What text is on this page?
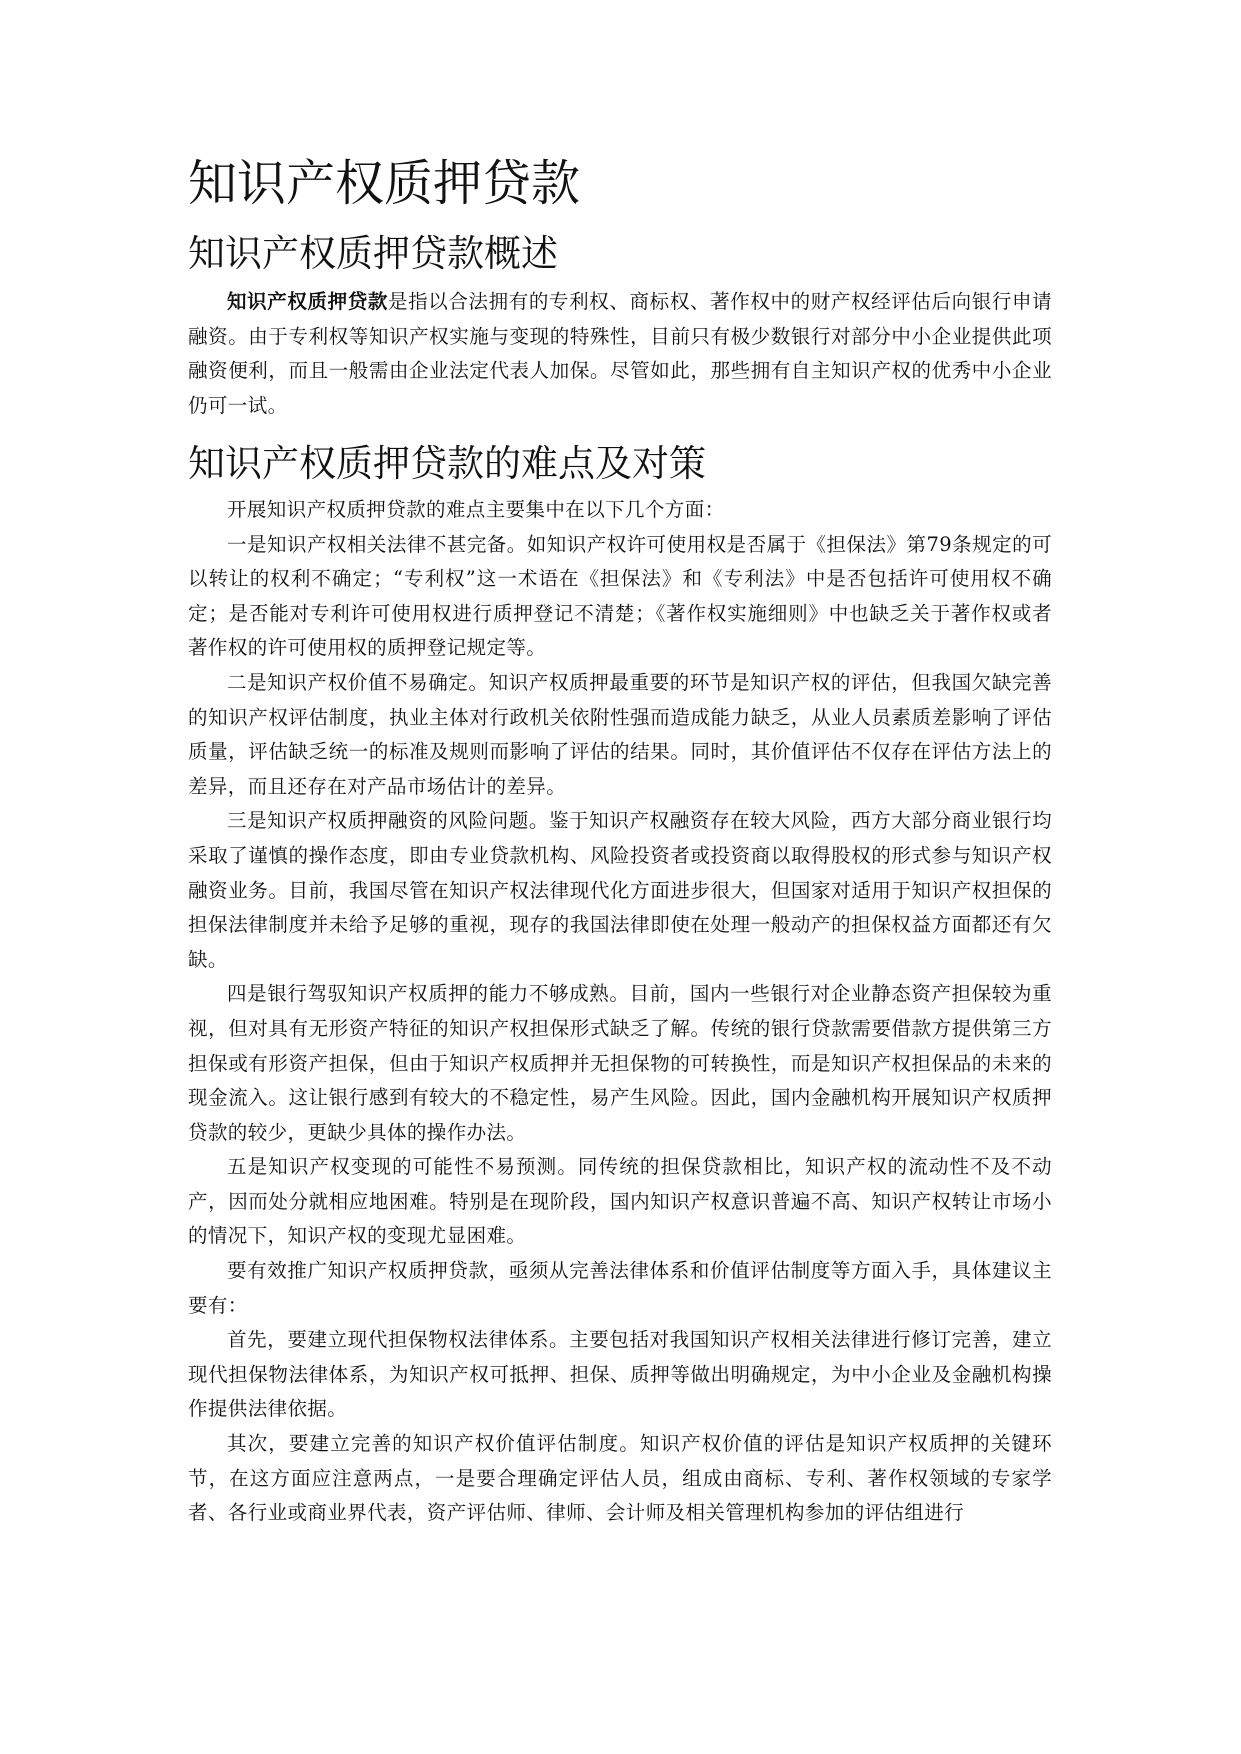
知识产权质押贷款
知识产权质押贷款概述

知识产权质押贷款是指以合法拥有的专利权、商标权、著作权中的财产权经评估后向银行申请融资。由于专利权等知识产权实施与变现的特殊性，目前只有极少数银行对部分中小企业提供此项融资便利，而且一般需由企业法定代表人加保。尽管如此，那些拥有自主知识产权的优秀中小企业仍可一试。

知识产权质押贷款的难点及对策

开展知识产权质押贷款的难点主要集中在以下几个方面：

一是知识产权相关法律不甚完备。如知识产权许可使用权是否属于《担保法》第79条规定的可以转让的权利不确定；“专利权”这一术语在《担保法》和《专利法》中是否包括许可使用权不确定；是否能对专利许可使用权进行质押登记不清楚；《著作权实施细则》中也缺乏关于著作权或者著作权的许可使用权的质押登记规定等。

二是知识产权价值不易确定。知识产权质押最重要的环节是知识产权的评估，但我国欠缺完善的知识产权评估制度，执业主体对行政机关依附性强而造成能力缺乏，从业人员素质差影响了评估质量，评估缺乏统一的标准及规则而影响了评估的结果。同时，其价值评估不仅存在评估方法上的差异，而且还存在对产品市场估计的差异。

三是知识产权质押融资的风险问题。鉴于知识产权融资存在较大风险，西方大部分商业银行均采取了谨慎的操作态度，即由专业贷款机构、风险投资者或投资商以取得股权的形式参与知识产权融资业务。目前，我国尽管在知识产权法律现代化方面进步很大，但国家对适用于知识产权担保的担保法律制度并未给予足够的重视，现存的我国法律即使在处理一般动产的担保权益方面都还有欠缺。

四是银行驾驭知识产权质押的能力不够成熟。目前，国内一些银行对企业静态资产担保较为重视，但对具有无形资产特征的知识产权担保形式缺乏了解。传统的银行贷款需要借款方提供第三方担保或有形资产担保，但由于知识产权质押并无担保物的可转换性，而是知识产权担保品的未来的现金流入。这让银行感到有较大的不稳定性，易产生风险。因此，国内金融机构开展知识产权质押贷款的较少，更缺少具体的操作办法。

五是知识产权变现的可能性不易预测。同传统的担保贷款相比，知识产权的流动性不及不动产，因而处分就相应地困难。特别是在现阶段，国内知识产权意识普遍不高、知识产权转让市场小的情况下，知识产权的变现尤显困难。

要有效推广知识产权质押贷款，亟须从完善法律体系和价值评估制度等方面入手，具体建议主要有：

首先，要建立现代担保物权法律体系。主要包括对我国知识产权相关法律进行修订完善，建立现代担保物法律体系，为知识产权可抵押、担保、质押等做出明确规定，为中小企业及金融机构操作提供法律依据。

其次，要建立完善的知识产权价值评估制度。知识产权价值的评估是知识产权质押的关键环节，在这方面应注意两点，一是要合理确定评估人员，组成由商标、专利、著作权领域的专家学者、各行业或商业界代表，资产评估师、律师、会计师及相关管理机构参加的评估组进行
